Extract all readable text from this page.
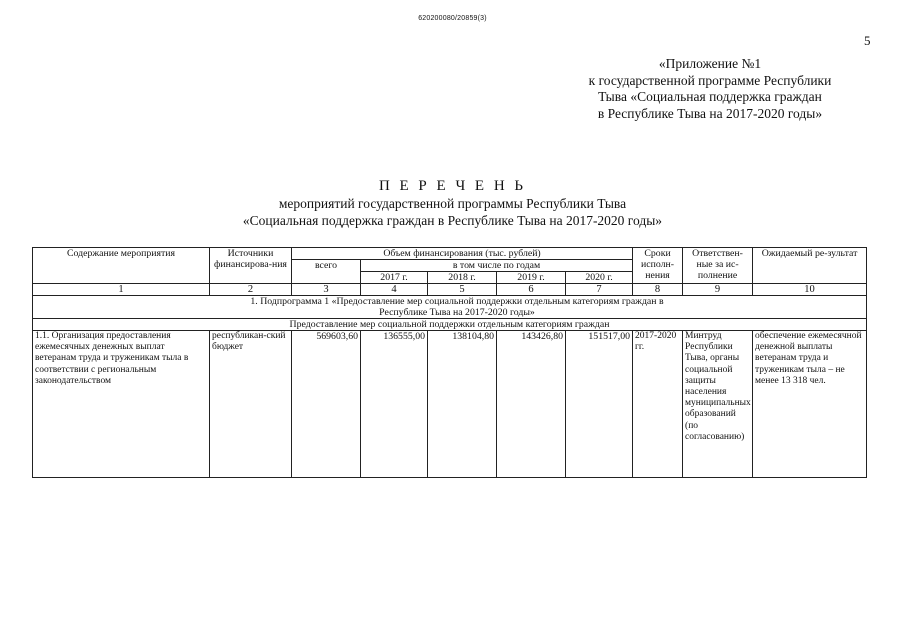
620200080/20859(3)
5
«Приложение №1
к государственной программе Республики
Тыва «Социальная поддержка граждан
в Республике Тыва на 2017-2020 годы»
П Е Р Е Ч Е Н Ь
мероприятий государственной программы Республики Тыва
«Социальная поддержка граждан в Республике Тыва на 2017-2020 годы»
Содержание мероприятия	Источники финансирова-ния	Объем финансирования (тыс. рублей)					Сроки исполн-нения	Ответствен-ные за ис-полнение	Ожидаемый ре-зультат
		всего	в том числе по годам						
			2017 г.	2018 г.	2019 г.	2020 г.			
1	2	3	4	5	6	7	8	9	10

1. Подпрограмма 1 «Предоставление мер социальной поддержки отдельным категориям граждан в Республике Тыва на 2017-2020 годы»									

Предоставление мер социальной поддержки отдельным категориям граждан									
1.1. Организация предоставления ежемесячных денежных выплат ветеранам труда и труженикам тыла в соответствии с региональным законодательством	республикан-ский бюджет	569603,60	136555,00	138104,80	143426,80	151517,00	2017-2020 гг.	Минтруд Республики Тыва, органы социальной защиты населения муниципальных образований (по согласованию)	обеспечение ежемесячной денежной выплаты ветеранам труда и труженикам тыла – не менее 13 318 чел.
